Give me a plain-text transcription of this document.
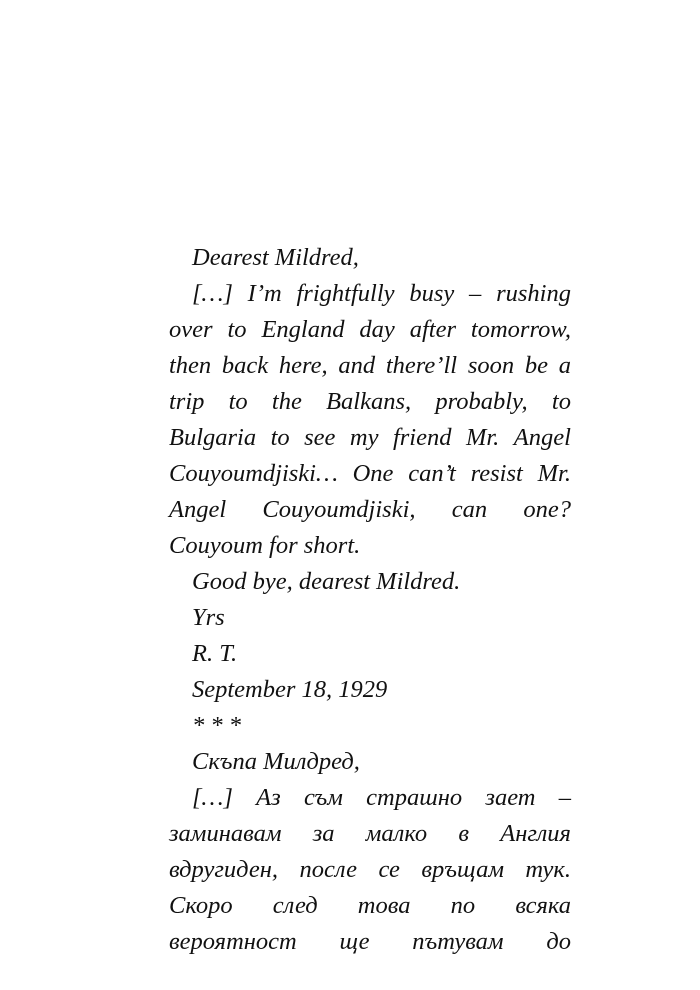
Dearest Mildred,
[…] I’m frightfully busy – rushing
over to England day after tomorrow,
then back here, and there’ll soon be a
trip to the Balkans, probably, to
Bulgaria to see my friend Mr. Angel
Couyoumdjiski… One can’t resist Mr.
Angel Couyoumdjiski, can one?
Couyoum for short.
Good bye, dearest Mildred.
Yrs
R. T.
September 18, 1929
* * *
Скъпа Милдред,
[…] Аз съм страшно зает –
заминавам за малко в Англия
вдругиден, после се връщам тук.
Скоро след това по всяка
вероятност ще пътувам до
